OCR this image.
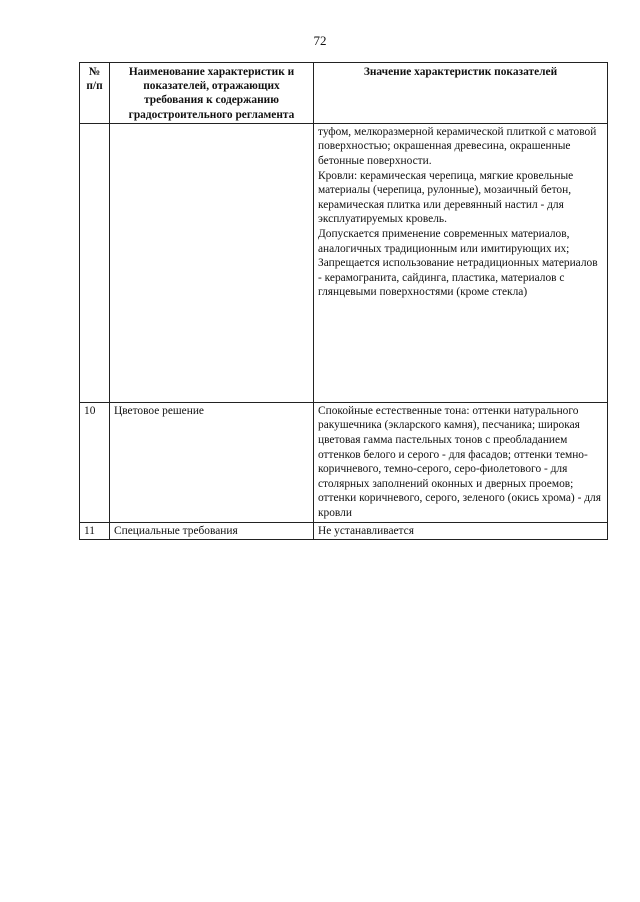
72
№ п/п	Наименование характеристик и показателей, отражающих требования к содержанию градостроительного регламента	Значение характеристик показателей

		туфом, мелкоразмерной керамической плиткой с матовой поверхностью; окрашенная древесина, окрашенные бетонные поверхности.
Кровли: керамическая черепица, мягкие кровельные материалы (черепица, рулонные), мозаичный бетон, керамическая плитка или деревянный настил - для эксплуатируемых кровель.
Допускается применение современных материалов, аналогичных традиционным или имитирующих их;
Запрещается использование нетрадиционных материалов - керамогранита, сайдинга, пластика, материалов с глянцевыми поверхностями (кроме стекла)

10	Цветовое решение	Спокойные естественные тона: оттенки натурального ракушечника (экларского камня), песчаника; широкая цветовая гамма пастельных тонов с преобладанием оттенков белого и серого - для фасадов; оттенки темно-коричневого, темно-серого, серо-фиолетового - для столярных заполнений оконных и дверных проемов; оттенки коричневого, серого, зеленого (окись хрома) - для кровли

11	Специальные требования	Не устанавливается
